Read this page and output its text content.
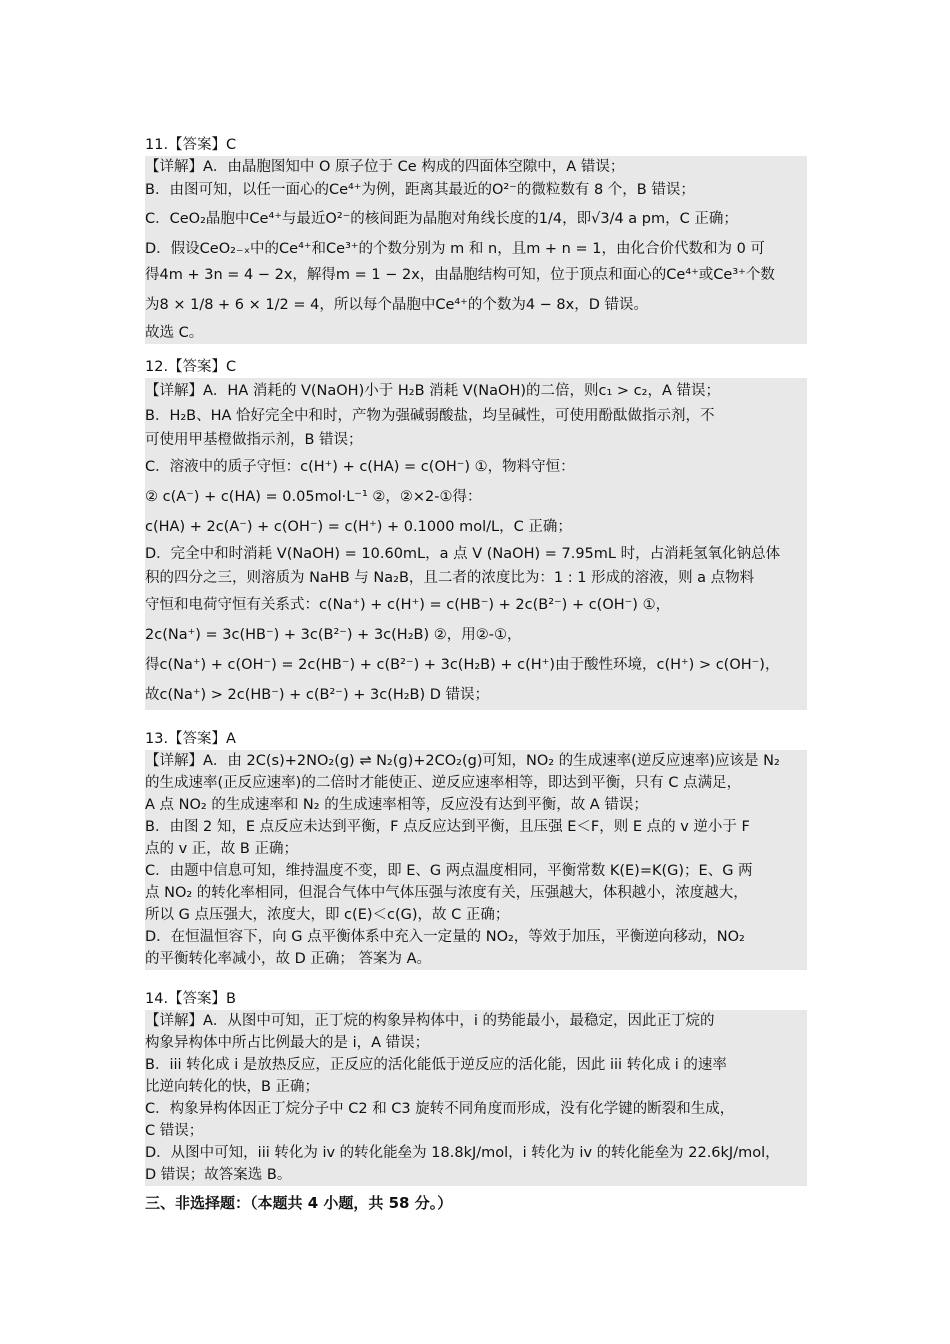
11.【答案】C
【详解】A．由晶胞图知中 O 原子位于 Ce 构成的四面体空隙中，A 错误；
B．由图可知，以任一面心的Ce⁴⁺为例，距离其最近的O²⁻的微粒数有 8 个，B 错误；
C．CeO₂晶胞中Ce⁴⁺与最近O²⁻的核间距为晶胞对角线长度的1/4，即√3/4 a pm，C 正确；
D．假设CeO₂₋ₓ中的Ce⁴⁺和Ce³⁺的个数分别为 m 和 n，且m + n = 1，由化合价代数和为 0 可
得4m + 3n = 4 − 2x，解得m = 1 − 2x，由晶胞结构可知，位于顶点和面心的Ce⁴⁺或Ce³⁺个数
为8 × 1/8 + 6 × 1/2 = 4，所以每个晶胞中Ce⁴⁺的个数为4 − 8x，D 错误。
故选 C。
12.【答案】C
【详解】A．HA 消耗的 V(NaOH)小于 H₂B 消耗 V(NaOH)的二倍，则c₁ > c₂，A 错误；
B．H₂B、HA 恰好完全中和时，产物为强碱弱酸盐，均呈碱性，可使用酚酞做指示剂，不
可使用甲基橙做指示剂，B 错误；
C．溶液中的质子守恒：c(H⁺) + c(HA) = c(OH⁻) ①，物料守恒：
② c(A⁻) + c(HA) = 0.05mol·L⁻¹ ②，②×2-①得：
c(HA) + 2c(A⁻) + c(OH⁻) = c(H⁺) + 0.1000 mol/L，C 正确；
D．完全中和时消耗 V(NaOH) = 10.60mL，a 点 V (NaOH) = 7.95mL 时，占消耗氢氧化钠总体
积的四分之三，则溶质为 NaHB 与 Na₂B，且二者的浓度比为：1 : 1 形成的溶液，则 a 点物料
守恒和电荷守恒有关系式：c(Na⁺) + c(H⁺) = c(HB⁻) + 2c(B²⁻) + c(OH⁻) ①，
2c(Na⁺) = 3c(HB⁻) + 3c(B²⁻) + 3c(H₂B) ②，用②-①，
得c(Na⁺) + c(OH⁻) = 2c(HB⁻) + c(B²⁻) + 3c(H₂B) + c(H⁺)由于酸性环境，c(H⁺) > c(OH⁻)，
故c(Na⁺) > 2c(HB⁻) + c(B²⁻) + 3c(H₂B) D 错误；
13.【答案】A
【详解】A．由 2C(s)+2NO₂(g) ⇌ N₂(g)+2CO₂(g)可知，NO₂ 的生成速率(逆反应速率)应该是 N₂
的生成速率(正反应速率)的二倍时才能使正、逆反应速率相等，即达到平衡，只有 C 点满足，
A 点 NO₂ 的生成速率和 N₂ 的生成速率相等，反应没有达到平衡，故 A 错误；
B．由图 2 知，E 点反应未达到平衡，F 点反应达到平衡，且压强 E＜F，则 E 点的 v 逆小于 F
点的 v 正，故 B 正确；
C．由题中信息可知，维持温度不变，即 E、G 两点温度相同，平衡常数 K(E)=K(G)；E、G 两
点 NO₂ 的转化率相同，但混合气体中气体压强与浓度有关，压强越大，体积越小，浓度越大，
所以 G 点压强大，浓度大，即 c(E)＜c(G)，故 C 正确；
D．在恒温恒容下，向 G 点平衡体系中充入一定量的 NO₂，等效于加压，平衡逆向移动，NO₂
的平衡转化率减小，故 D 正确； 答案为 A。
14.【答案】B
【详解】A．从图中可知，正丁烷的构象异构体中，i 的势能最小，最稳定，因此正丁烷的
构象异构体中所占比例最大的是 i，A 错误；
B．iii 转化成 i 是放热反应，正反应的活化能低于逆反应的活化能，因此 iii 转化成 i 的速率
比逆向转化的快，B 正确；
C．构象异构体因正丁烷分子中 C2 和 C3 旋转不同角度而形成，没有化学键的断裂和生成，
C 错误；
D．从图中可知，iii 转化为 iv 的转化能垒为 18.8kJ/mol，i 转化为 iv 的转化能垒为 22.6kJ/mol，
D 错误；故答案选 B。
三、非选择题：（本题共 4 小题，共 58 分。）
